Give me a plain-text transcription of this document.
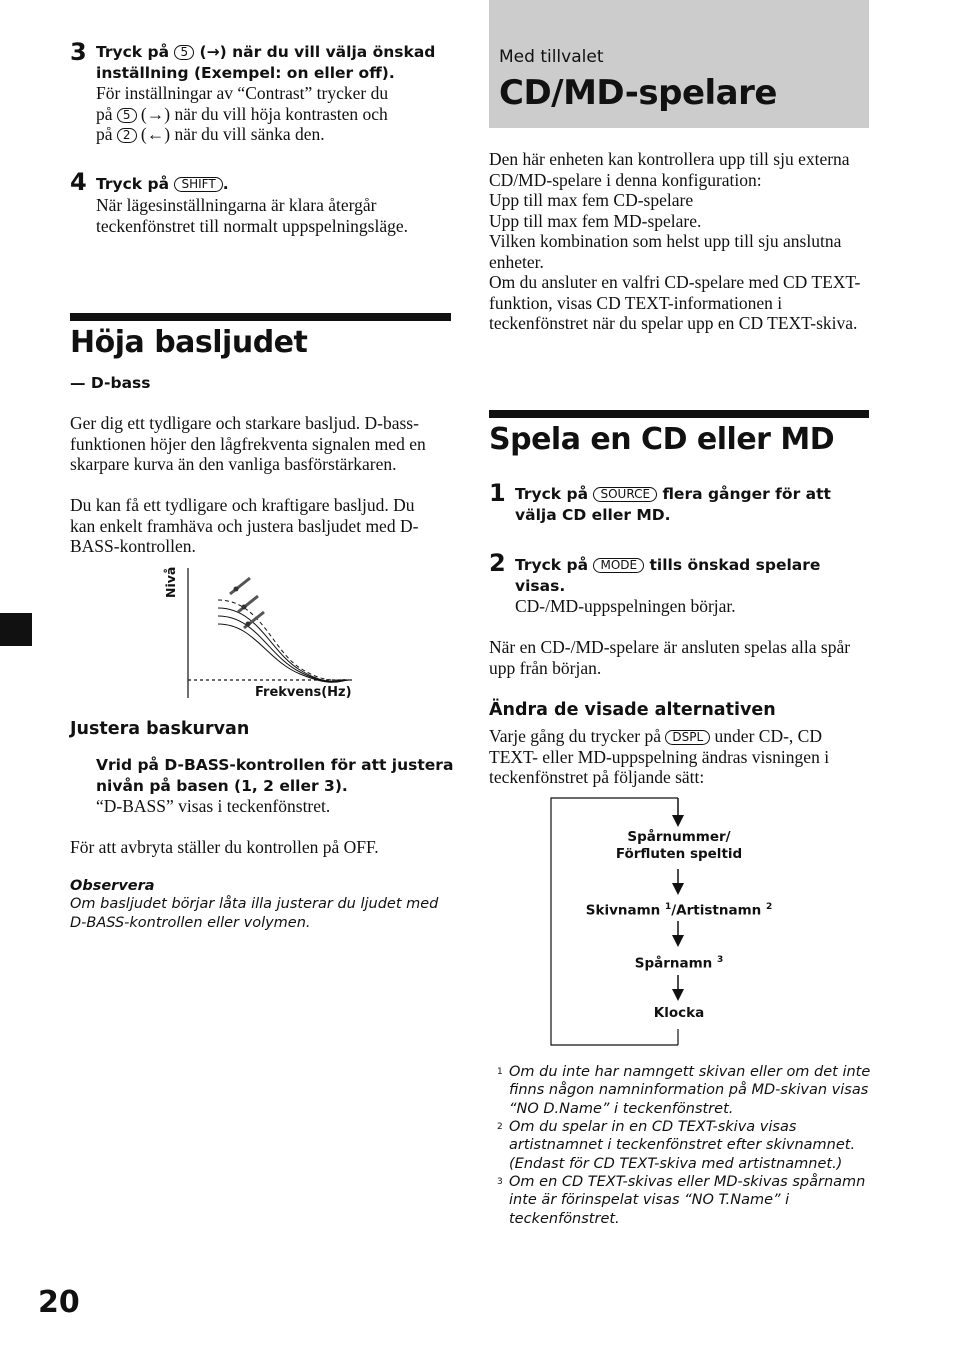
3 Tryck på 5 (→) när du vill välja önskad inställning (Exempel: on eller off).
För inställningar av “Contrast” trycker du
på 5 (→) när du vill höja kontrasten och
på 2 (←) när du vill sänka den.
4 Tryck på SHIFT .
När lägesinställningarna är klara återgår teckenfönstret till normalt uppspelningsläge.
Höja basljudet
— D-bass
Ger dig ett tydligare och starkare basljud. D-bass-funktionen höjer den lågfrekventa signalen med en skarpare kurva än den vanliga basförstärkaren.
Du kan få ett tydligare och kraftigare basljud. Du kan enkelt framhäva och justera basljudet med D-BASS-kontrollen.
Nivå
Frekvens(Hz)
Justera baskurvan
Vrid på D-BASS-kontrollen för att justera nivån på basen (1, 2 eller 3).
“D-BASS” visas i teckenfönstret.
För att avbryta ställer du kontrollen på OFF.
Observera
Om basljudet börjar låta illa justerar du ljudet med D-BASS-kontrollen eller volymen.
20
Med tillvalet
CD/MD-spelare
Den här enheten kan kontrollera upp till sju externa CD/MD-spelare i denna konfiguration:
Upp till max fem CD-spelare
Upp till max fem MD-spelare.
Vilken kombination som helst upp till sju anslutna enheter.
Om du ansluter en valfri CD-spelare med CD TEXT-funktion, visas CD TEXT-informationen i teckenfönstret när du spelar upp en CD TEXT-skiva.
Spela en CD eller MD
1 Tryck på SOURCE flera gånger för att välja CD eller MD.
2 Tryck på MODE tills önskad spelare visas.
CD-/MD-uppspelningen börjar.
När en CD-/MD-spelare är ansluten spelas alla spår upp från början.
Ändra de visade alternativen
Varje gång du trycker på DSPL under CD-, CD TEXT- eller MD-uppspelning ändras visningen i teckenfönstret på följande sätt:
Spårnummer/
Förfluten speltid
Skivnamn $^1$/Artistnamn $^2$
Spårnamn $^3$
Klocka
1 Om du inte har namngett skivan eller om det inte finns någon namninformation på MD-skivan visas “NO D.Name” i teckenfönstret.
2 Om du spelar in en CD TEXT-skiva visas artistnamnet i teckenfönstret efter skivnamnet. (Endast för CD TEXT-skiva med artistnamnet.)
3 Om en CD TEXT-skivas eller MD-skivas spårnamn inte är förinspelat visas “NO T.Name” i teckenfönstret.
